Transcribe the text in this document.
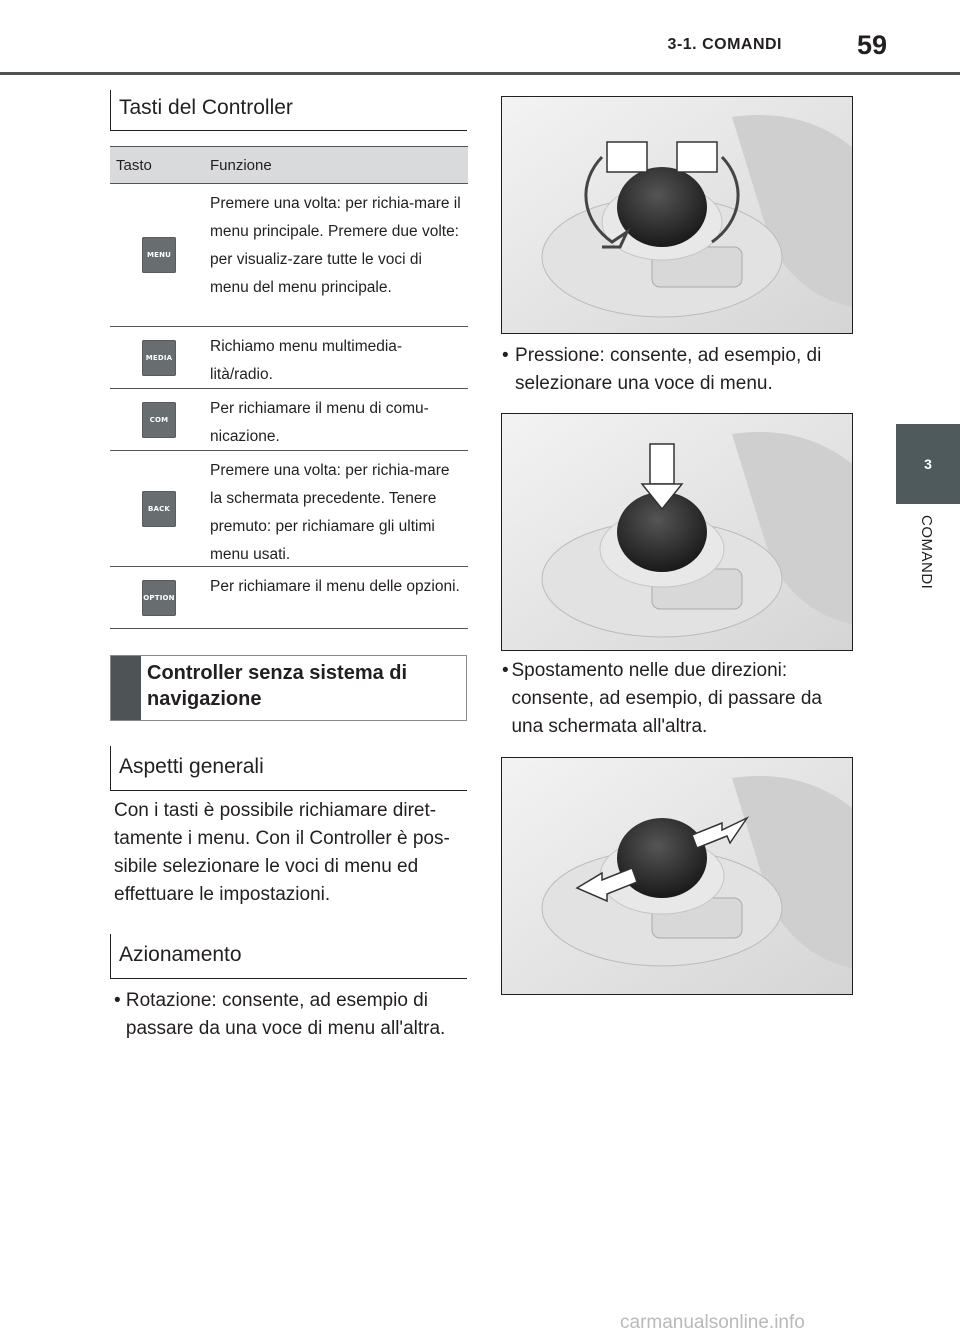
3-1. COMANDI	59
3
COMANDI
Tasti del Controller
Tasto	Funzione
MENU
Premere una volta: per richia-mare il menu principale. Premere due volte: per visualiz-zare tutte le voci di menu del menu principale.
MEDIA
Richiamo menu multimedia-lità/radio.
COM
Per richiamare il menu di comu-nicazione.
BACK
Premere una volta: per richia-mare la schermata precedente. Tenere premuto: per richiamare gli ultimi menu usati.
OPTION
Per richiamare il menu delle opzioni.
Controller senza sistema di navigazione
Aspetti generali
Con i tasti è possibile richiamare diret-tamente i menu. Con il Controller è pos-sibile selezionare le voci di menu ed effettuare le impostazioni.
Azionamento
• Rotazione: consente, ad esempio di passare da una voce di menu all'altra.
• Pressione: consente, ad esempio, di selezionare una voce di menu.
• Spostamento nelle due direzioni: consente, ad esempio, di passare da una schermata all'altra.
carmanualsonline.info
